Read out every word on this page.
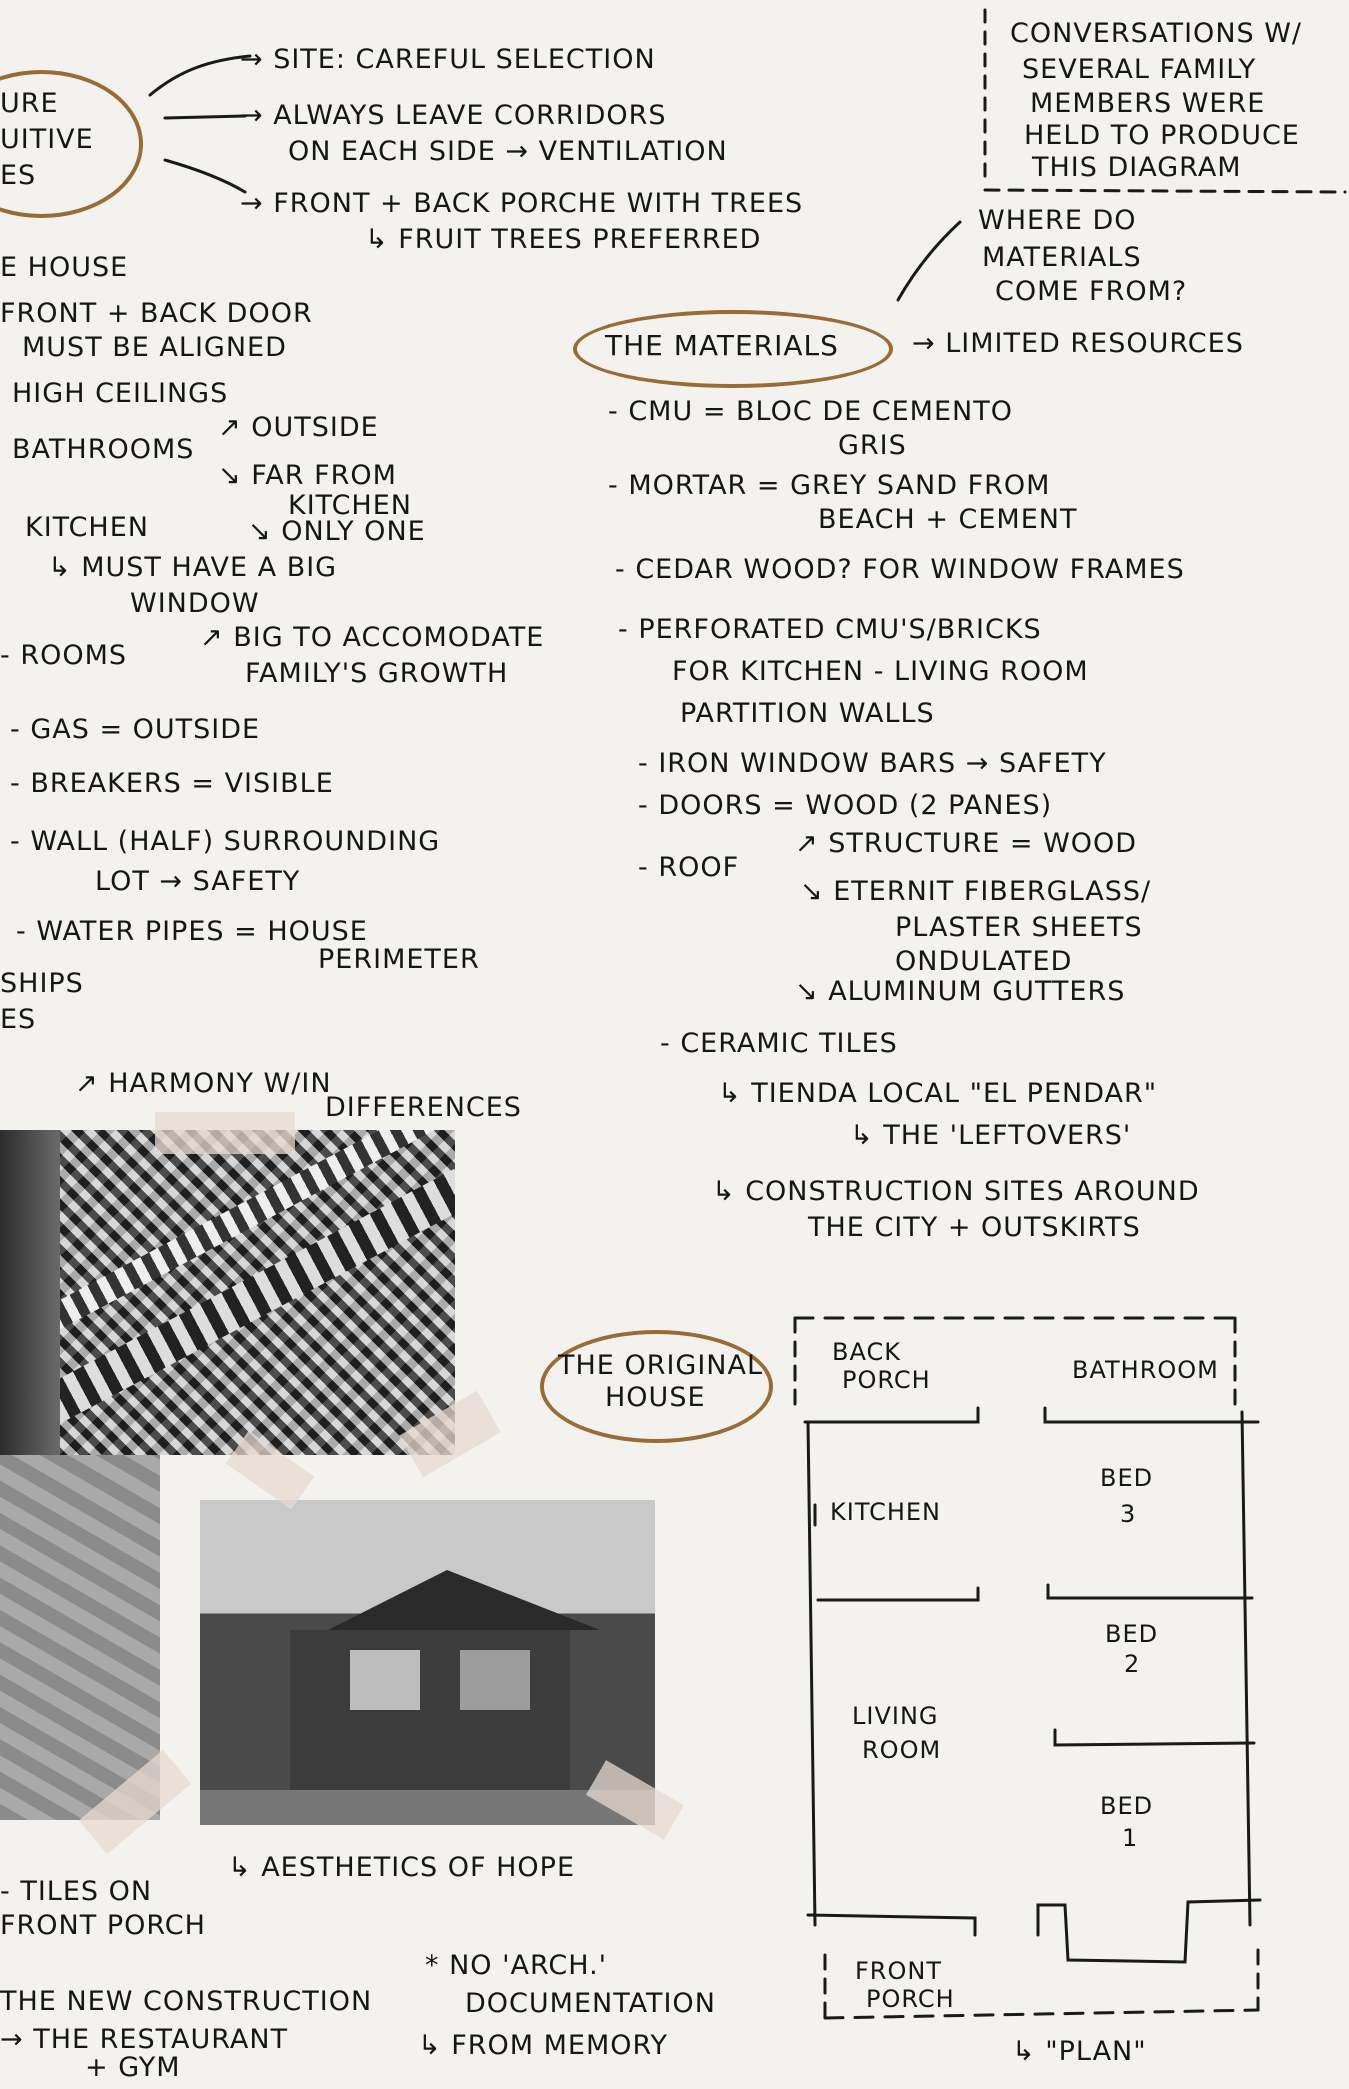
URE
UITIVE
ES
→ SITE: CAREFUL SELECTION
→ ALWAYS LEAVE CORRIDORS
ON EACH SIDE → VENTILATION
→ FRONT + BACK PORCHE WITH TREES
↳ FRUIT TREES PREFERRED
CONVERSATIONS W/
SEVERAL FAMILY
MEMBERS WERE
HELD TO PRODUCE
THIS DIAGRAM
WHERE DO
MATERIALS
COME FROM?
E HOUSE
FRONT + BACK DOOR
MUST BE ALIGNED
HIGH CEILINGS
BATHROOMS
↗ OUTSIDE
↘ FAR FROM
KITCHEN
↘ ONLY ONE
KITCHEN
↳ MUST HAVE A BIG
WINDOW
- ROOMS
↗ BIG TO ACCOMODATE
FAMILY'S GROWTH
- GAS = OUTSIDE
- BREAKERS = VISIBLE
- WALL (HALF) SURROUNDING
LOT → SAFETY
- WATER PIPES = HOUSE
PERIMETER
SHIPS
ES
↗ HARMONY W/IN
DIFFERENCES
THE MATERIALS	→ LIMITED RESOURCES
- CMU = BLOC DE CEMENTO
GRIS
- MORTAR = GREY SAND FROM
BEACH + CEMENT
- CEDAR WOOD? FOR WINDOW FRAMES
- PERFORATED CMU'S/BRICKS
FOR KITCHEN - LIVING ROOM
PARTITION WALLS
- IRON WINDOW BARS → SAFETY
- DOORS = WOOD (2 PANES)
- ROOF
↗ STRUCTURE = WOOD
↘ ETERNIT FIBERGLASS/
PLASTER SHEETS
ONDULATED
↘ ALUMINUM GUTTERS
- CERAMIC TILES
↳ TIENDA LOCAL "EL PENDAR"
↳ THE 'LEFTOVERS'
↳ CONSTRUCTION SITES AROUND
THE CITY + OUTSKIRTS
THE ORIGINAL
HOUSE
BACK
PORCH	BATHROOM
KITCHEN
BED
3
BED
2
LIVING
ROOM
BED
1
FRONT
PORCH
↳ "PLAN"
* NO 'ARCH.'
DOCUMENTATION
↳ FROM MEMORY
↳ AESTHETICS OF HOPE
- TILES ON
FRONT PORCH
THE NEW CONSTRUCTION
→ THE RESTAURANT
+ GYM
